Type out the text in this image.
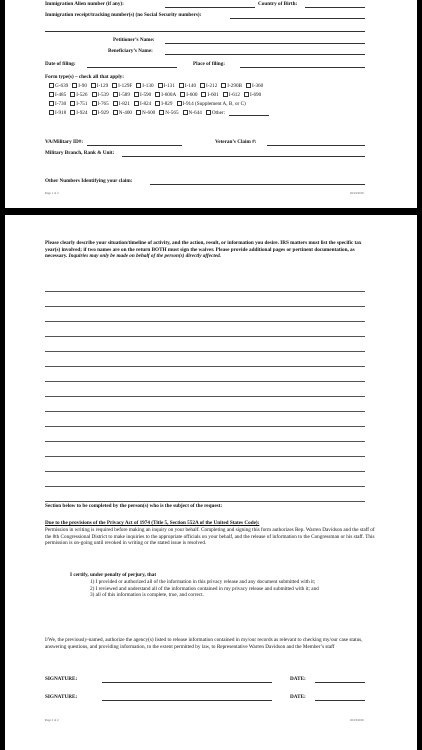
Immigration Alien number (if any):	Country of Birth:
Immigration receipt/tracking number(s) (no Social Security numbers):
Petitioner’s Name:
Beneficiary’s Name:
Date of filing:	Place of filing:
Form type(s) – check all that apply:
G-639 I-90 I-129 I-129F I-130 I-131 I-140 I-212 I-290B I-360
I-485 I-526 I-539 I-589 I-590 I-600A I-600 I-601 I-612 I-690
I-730 I-751 I-765 I-821 I-824 I-829 I-914 (Supplement A, B, or C)
I-918 I-924 I-929 N-400 N-600 N-565 N-644 Other:
VA/Military ID#:	Veteran’s Claim #:
Military Branch, Rank & Unit:
Other Numbers Identifying your claim:
Page 1 of 2	02/23/2016
Please clearly describe your situation/timeline of activity, and the action, result, or information you desire. IRS matters must list the specific tax year(s) involved; if two names are on the return BOTH must sign the waiver. Please provide additional pages or pertinent documentation, as necessary. Inquiries may only be made on behalf of the person(s) directly affected.
Section below to be completed by the person(s) who is the subject of the request:
Due to the provisions of the Privacy Act of 1974 (Title 5, Section 552A of the United States Code):
Permission in writing is required before making an inquiry on your behalf. Completing and signing this form authorizes Rep. Warren Davidson and the staff of the 8th Congressional District to make inquiries to the appropriate officials on your behalf, and the release of information to the Congressman or his staff. This permission is on-going until revoked in writing or the stated issue is resolved.
I certify, under penalty of perjury, that
1) I provided or authorized all of the information in this privacy release and any document submitted with it;
2) I reviewed and understand all of the information contained in my privacy release and submitted with it; and
3) all of this information is complete, true, and correct.
I/We, the previously-named, authorize the agency(s) listed to release information contained in my/our records as relevant to checking my/our case status, answering questions, and providing information, to the extent permitted by law, to Representative Warren Davidson and the Member’s staff
SIGNATURE:	DATE:
SIGNATURE:	DATE:
Page 2 of 2	02/23/2016
